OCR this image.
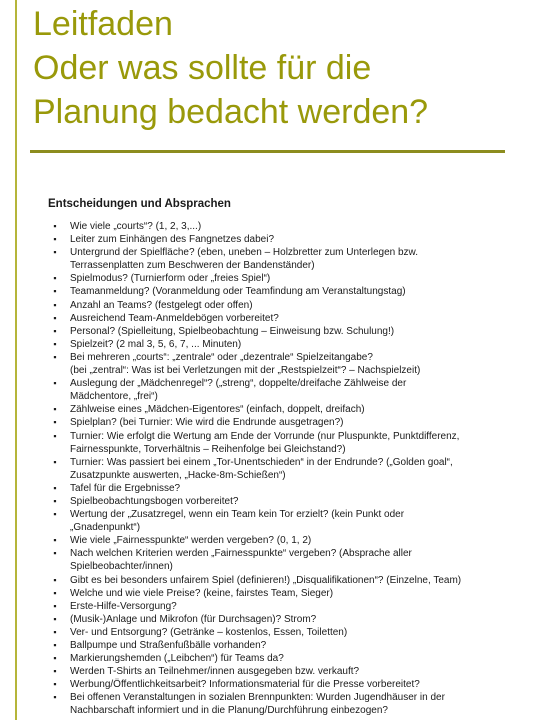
Leitfaden
Oder was sollte für die
Planung bedacht werden?
Entscheidungen und Absprachen
▪	Wie viele „courts“? (1, 2, 3,...)
▪	Leiter zum Einhängen des Fangnetzes dabei?
▪	Untergrund der Spielfläche? (eben, uneben – Holzbretter zum Unterlegen bzw.
Terrassenplatten zum Beschweren der Bandenständer)
▪	Spielmodus? (Turnierform oder „freies Spiel“)
▪	Teamanmeldung? (Voranmeldung oder Teamfindung am Veranstaltungstag)
▪	Anzahl an Teams? (festgelegt oder offen)
▪	Ausreichend Team-Anmeldebögen vorbereitet?
▪	Personal? (Spielleitung, Spielbeobachtung – Einweisung bzw. Schulung!)
▪	Spielzeit? (2 mal 3, 5, 6, 7, ... Minuten)
▪	Bei mehreren „courts“: „zentrale“ oder „dezentrale“ Spielzeitangabe?
(bei „zentral“: Was ist bei Verletzungen mit der „Restspielzeit“? – Nachspielzeit)
▪	Auslegung der „Mädchenregel“? („streng“, doppelte/dreifache Zählweise der
Mädchentore, „frei“)
▪	Zählweise eines „Mädchen-Eigentores“ (einfach, doppelt, dreifach)
▪	Spielplan? (bei Turnier: Wie wird die Endrunde ausgetragen?)
▪	Turnier: Wie erfolgt die Wertung am Ende der Vorrunde (nur Pluspunkte, Punktdifferenz,
Fairnesspunkte, Torverhältnis – Reihenfolge bei Gleichstand?)
▪	Turnier: Was passiert bei einem „Tor-Unentschieden“ in der Endrunde? („Golden goal“,
Zusatzpunkte auswerten, „Hacke-8m-Schießen“)
▪	Tafel für die Ergebnisse?
▪	Spielbeobachtungsbogen vorbereitet?
▪	Wertung der „Zusatzregel, wenn ein Team kein Tor erzielt? (kein Punkt oder
„Gnadenpunkt“)
▪	Wie viele „Fairnesspunkte“ werden vergeben? (0, 1, 2)
▪	Nach welchen Kriterien werden „Fairnesspunkte“ vergeben? (Absprache aller
Spielbeobachter/innen)
▪	Gibt es bei besonders unfairem Spiel (definieren!) „Disqualifikationen“? (Einzelne, Team)
▪	Welche und wie viele Preise? (keine, fairstes Team, Sieger)
▪	Erste-Hilfe-Versorgung?
▪	(Musik-)Anlage und Mikrofon (für Durchsagen)? Strom?
▪	Ver- und Entsorgung? (Getränke – kostenlos, Essen, Toiletten)
▪	Ballpumpe und Straßenfußbälle vorhanden?
▪	Markierungshemden („Leibchen“) für Teams da?
▪	Werden T-Shirts an Teilnehmer/innen ausgegeben bzw. verkauft?
▪	Werbung/Öffentlichkeitsarbeit? Informationsmaterial für die Presse vorbereitet?
▪	Bei offenen Veranstaltungen in sozialen Brennpunkten: Wurden Jugendhäuser in der
Nachbarschaft informiert und in die Planung/Durchführung einbezogen?
